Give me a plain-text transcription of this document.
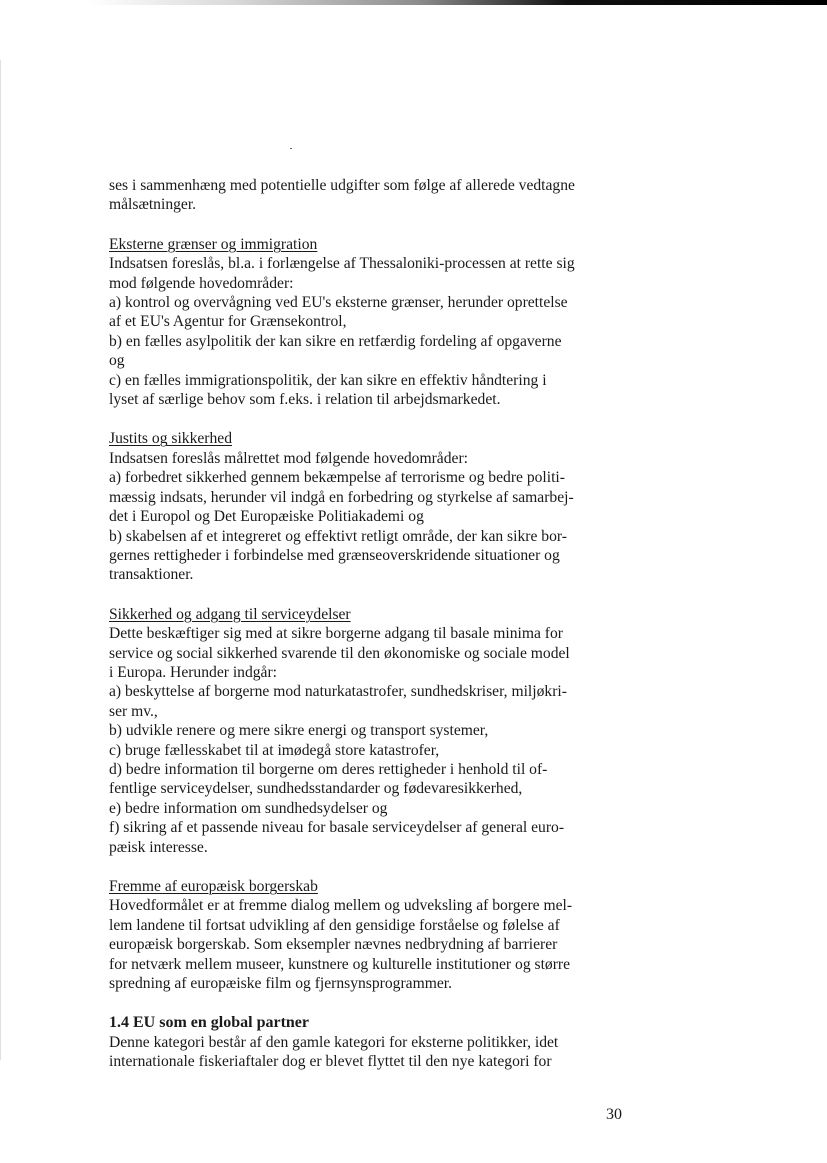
ses i sammenhæng med potentielle udgifter som følge af allerede vedtagne

målsætninger.

Eksterne grænser og immigration

Indsatsen foreslås, bl.a. i forlængelse af Thessaloniki-processen at rette sig

mod følgende hovedområder:

a) kontrol og overvågning ved EU's eksterne grænser, herunder oprettelse

af et EU's Agentur for Grænsekontrol,

b) en fælles asylpolitik der kan sikre en retfærdig fordeling af opgaverne

og

c) en fælles immigrationspolitik, der kan sikre en effektiv håndtering i

lyset af særlige behov som f.eks. i relation til arbejdsmarkedet.

Justits og sikkerhed

Indsatsen foreslås målrettet mod følgende hovedområder:

a) forbedret sikkerhed gennem bekæmpelse af terrorisme og bedre politi-

mæssig indsats, herunder vil indgå en forbedring og styrkelse af samarbej-

det i Europol og Det Europæiske Politiakademi og

b) skabelsen af et integreret og effektivt retligt område, der kan sikre bor-

gernes rettigheder i forbindelse med grænseoverskridende situationer og

transaktioner.

Sikkerhed og adgang til serviceydelser

Dette beskæftiger sig med at sikre borgerne adgang til basale minima for

service og social sikkerhed svarende til den økonomiske og sociale model

i Europa. Herunder indgår:

a) beskyttelse af borgerne mod naturkatastrofer, sundhedskriser, miljøkri-

ser mv.,

b) udvikle renere og mere sikre energi og transport systemer,

c) bruge fællesskabet til at imødegå store katastrofer,

d) bedre information til borgerne om deres rettigheder i henhold til of-

fentlige serviceydelser, sundhedsstandarder og fødevaresikkerhed,

e) bedre information om sundhedsydelser og

f) sikring af et passende niveau for basale serviceydelser af general euro-

pæisk interesse.

Fremme af europæisk borgerskab

Hovedformålet er at fremme dialog mellem og udveksling af borgere mel-

lem landene til fortsat udvikling af den gensidige forståelse og følelse af

europæisk borgerskab. Som eksempler nævnes nedbrydning af barrierer

for netværk mellem museer, kunstnere og kulturelle institutioner og større

spredning af europæiske film og fjernsynsprogrammer.

1.4 EU som en global partner

Denne kategori består af den gamle kategori for eksterne politikker, idet

internationale fiskeriaftaler dog er blevet flyttet til den nye kategori for

30
